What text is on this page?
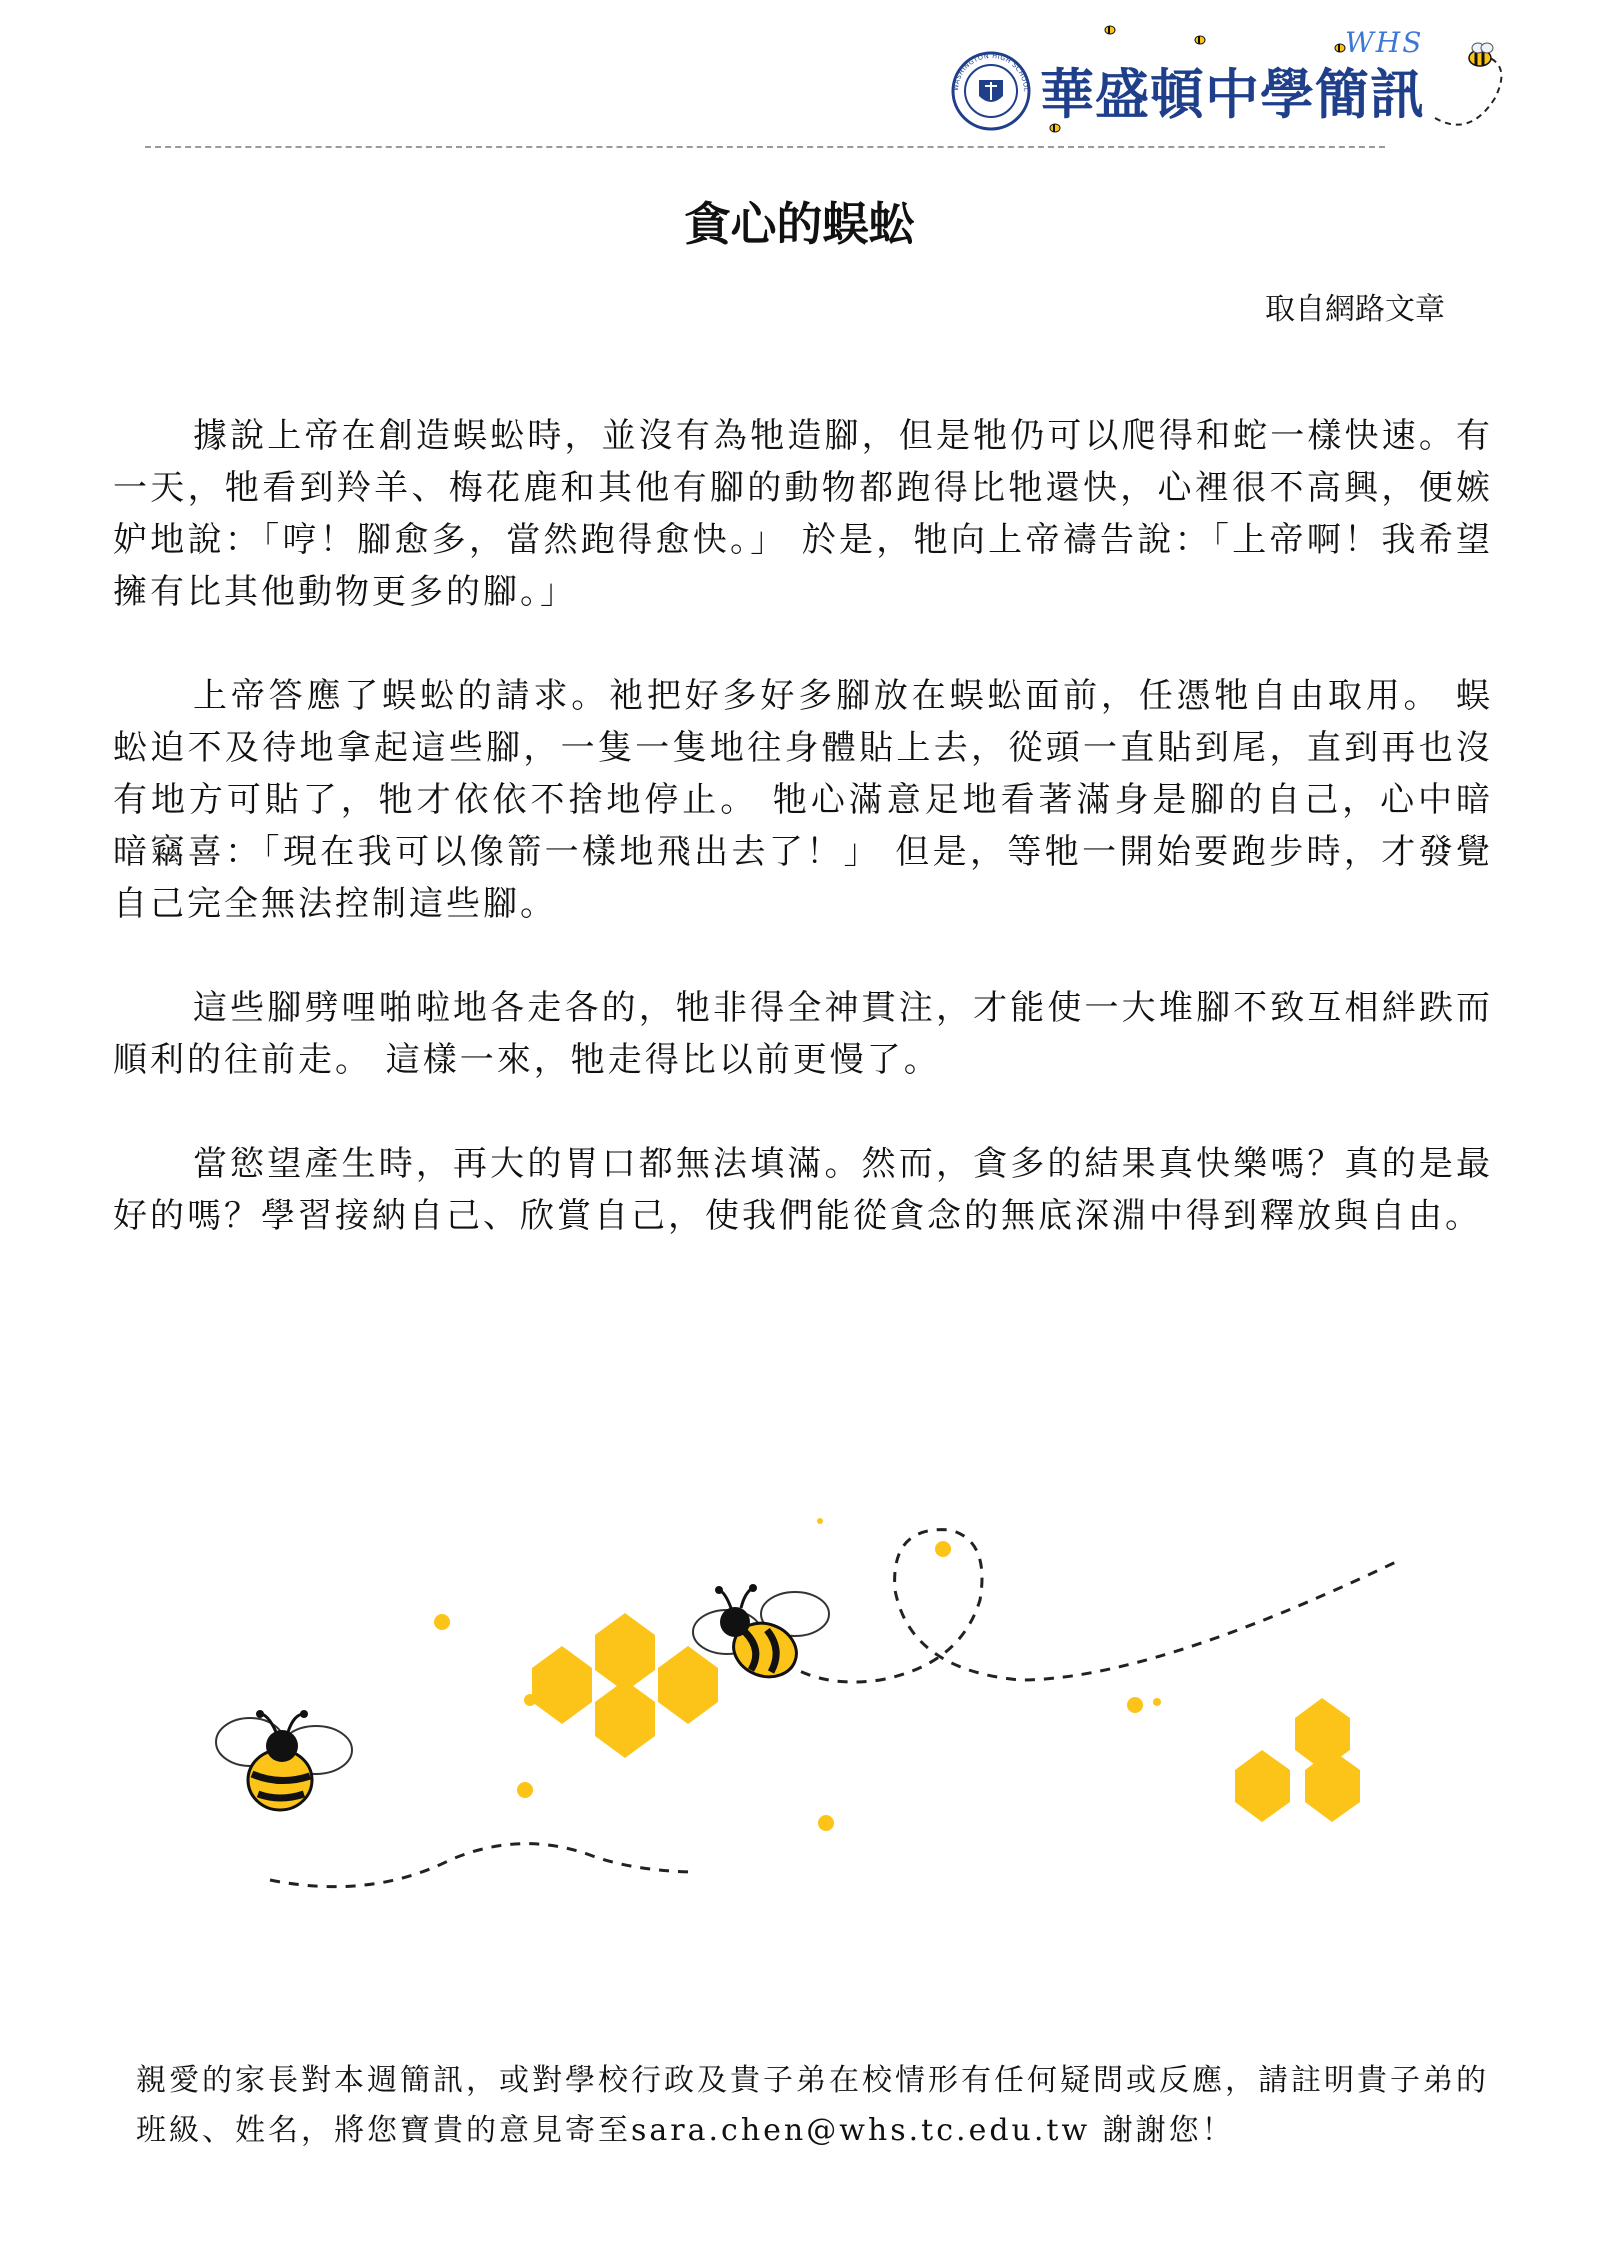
WASHINGTON HIGH SCHOOL 華盛頓中學簡訊
WHS
貪心的蜈蚣
取自網路文章

據說上帝在創造蜈蚣時，並沒有為牠造腳，但是牠仍可以爬得和蛇一樣快速。有一天，牠看到羚羊、梅花鹿和其他有腳的動物都跑得比牠還快，心裡很不高興，便嫉妒地說：「哼！腳愈多，當然跑得愈快。」 於是，牠向上帝禱告說：「上帝啊！我希望擁有比其他動物更多的腳。」

上帝答應了蜈蚣的請求。祂把好多好多腳放在蜈蚣面前，任憑牠自由取用。 蜈蚣迫不及待地拿起這些腳，一隻一隻地往身體貼上去，從頭一直貼到尾，直到再也沒有地方可貼了，牠才依依不捨地停止。 牠心滿意足地看著滿身是腳的自己，心中暗暗竊喜：「現在我可以像箭一樣地飛出去了！」 但是，等牠一開始要跑步時，才發覺自己完全無法控制這些腳。

這些腳劈哩啪啦地各走各的，牠非得全神貫注，才能使一大堆腳不致互相絆跌而順利的往前走。 這樣一來，牠走得比以前更慢了。

當慾望產生時，再大的胃口都無法填滿。然而，貪多的結果真快樂嗎？真的是最好的嗎？學習接納自己、欣賞自己，使我們能從貪念的無底深淵中得到釋放與自由。

親愛的家長對本週簡訊，或對學校行政及貴子弟在校情形有任何疑問或反應，請註明貴子弟的班級、姓名，將您寶貴的意見寄至sara.chen@whs.tc.edu.tw 謝謝您！
